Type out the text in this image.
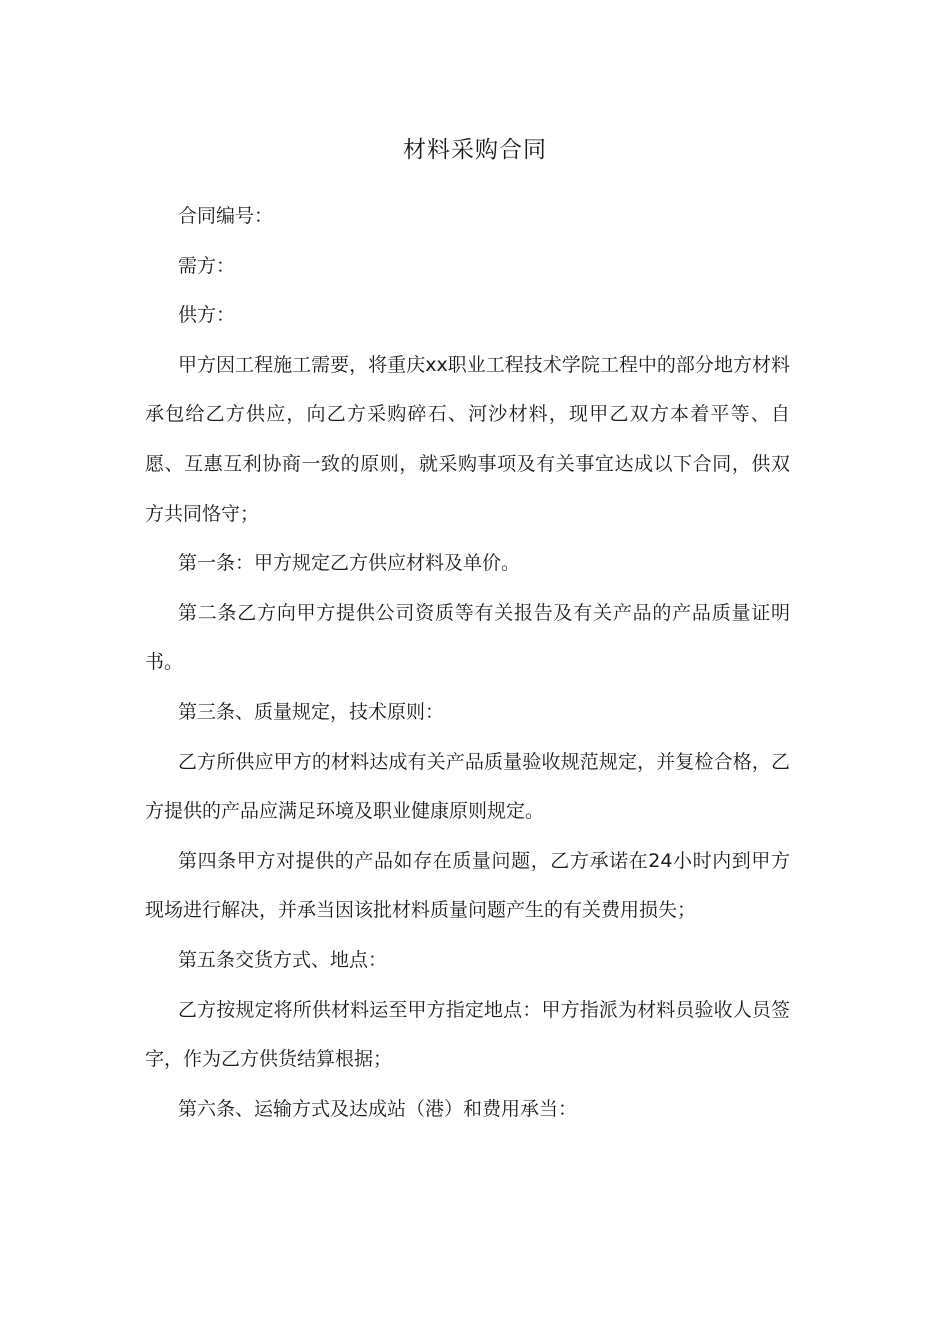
材料采购合同

合同编号：

需方：

供方：

甲方因工程施工需要，将重庆xx职业工程技术学院工程中的部分地方材料承包给乙方供应，向乙方采购碎石、河沙材料，现甲乙双方本着平等、自愿、互惠互利协商一致的原则，就采购事项及有关事宜达成以下合同，供双方共同恪守；

第一条：甲方规定乙方供应材料及单价。

第二条乙方向甲方提供公司资质等有关报告及有关产品的产品质量证明书。

第三条、质量规定，技术原则：

乙方所供应甲方的材料达成有关产品质量验收规范规定，并复检合格，乙方提供的产品应满足环境及职业健康原则规定。

第四条甲方对提供的产品如存在质量问题，乙方承诺在24小时内到甲方现场进行解决，并承当因该批材料质量问题产生的有关费用损失；

第五条交货方式、地点：

乙方按规定将所供材料运至甲方指定地点：甲方指派为材料员验收人员签字，作为乙方供货结算根据；

第六条、运输方式及达成站（港）和费用承当：
